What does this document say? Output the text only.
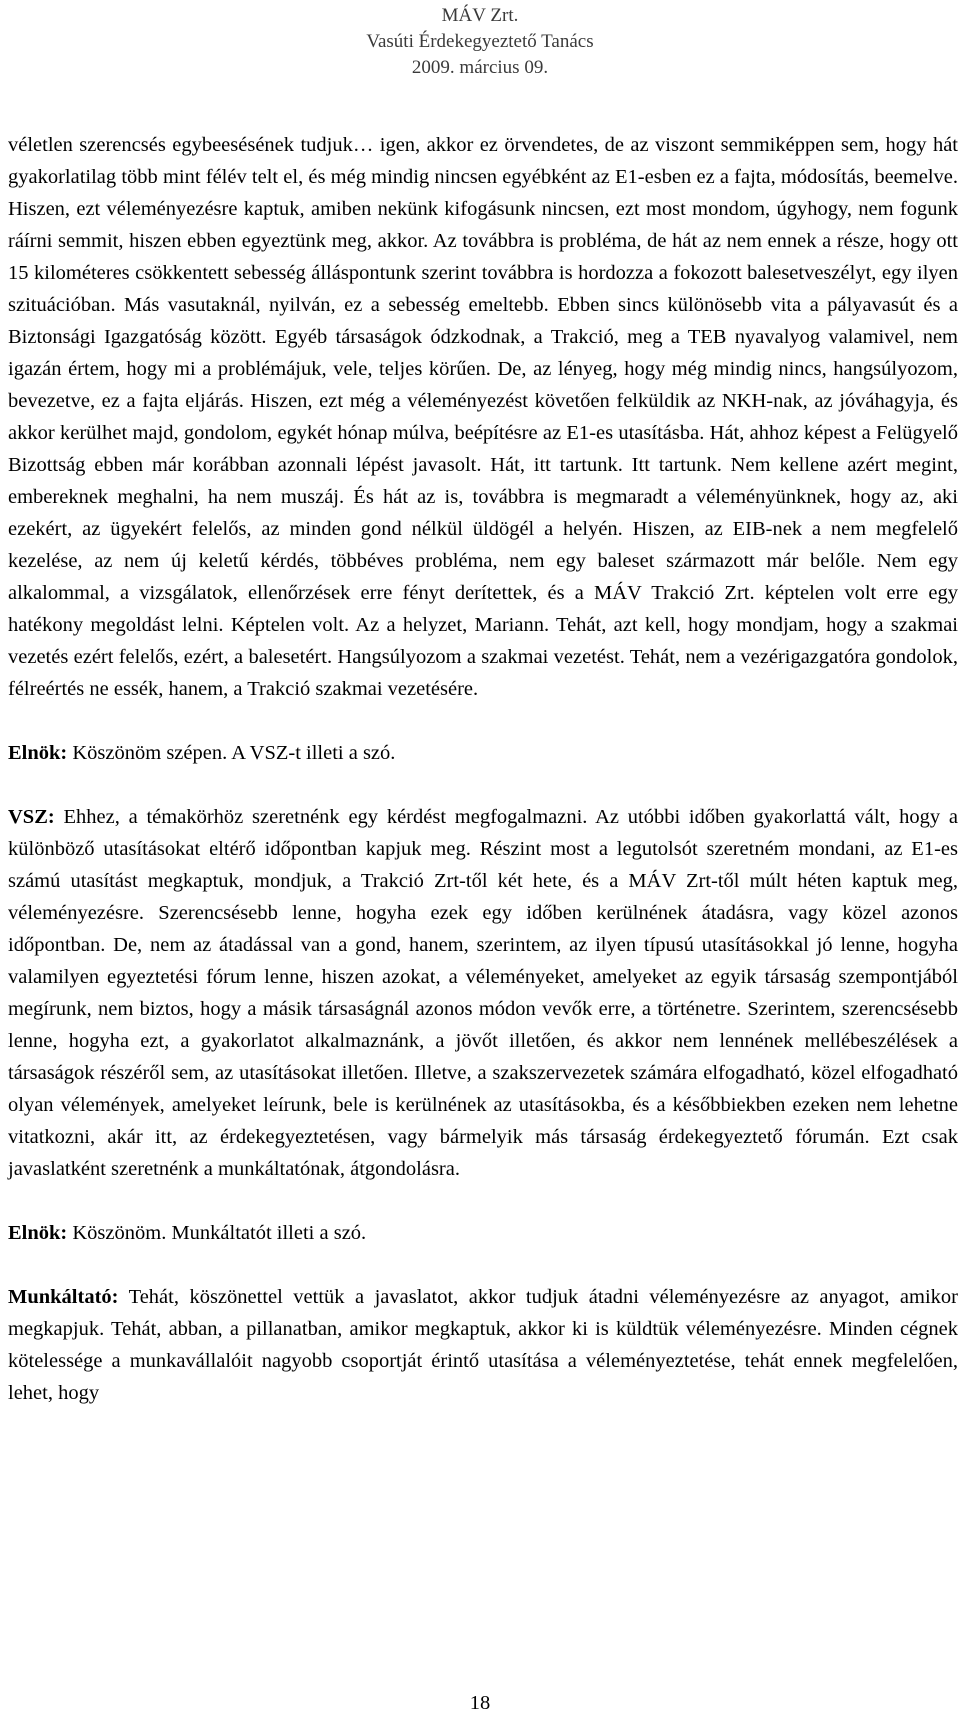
MÁV Zrt.
Vasúti Érdekegyeztető Tanács
2009. március 09.

véletlen szerencsés egybeesésének tudjuk… igen, akkor ez örvendetes, de az viszont semmiképpen sem, hogy hát gyakorlatilag több mint félév telt el, és még mindig nincsen egyébként az E1-esben ez a fajta, módosítás, beemelve. Hiszen, ezt véleményezésre kaptuk, amiben nekünk kifogásunk nincsen, ezt most mondom, úgyhogy, nem fogunk ráírni semmit, hiszen ebben egyeztünk meg, akkor. Az továbbra is probléma, de hát az nem ennek a része, hogy ott 15 kilométeres csökkentett sebesség álláspontunk szerint továbbra is hordozza a fokozott balesetveszélyt, egy ilyen szituációban. Más vasutaknál, nyilván, ez a sebesség emeltebb. Ebben sincs különösebb vita a pályavasút és a Biztonsági Igazgatóság között. Egyéb társaságok ódzkodnak, a Trakció, meg a TEB nyavalyog valamivel, nem igazán értem, hogy mi a problémájuk, vele, teljes körűen. De, az lényeg, hogy még mindig nincs, hangsúlyozom, bevezetve, ez a fajta eljárás. Hiszen, ezt még a véleményezést követően felküldik az NKH-nak, az jóváhagyja, és akkor kerülhet majd, gondolom, egykét hónap múlva, beépítésre az E1-es utasításba. Hát, ahhoz képest a Felügyelő Bizottság ebben már korábban azonnali lépést javasolt. Hát, itt tartunk. Itt tartunk. Nem kellene azért megint, embereknek meghalni, ha nem muszáj. És hát az is, továbbra is megmaradt a véleményünknek, hogy az, aki ezekért, az ügyekért felelős, az minden gond nélkül üldögél a helyén. Hiszen, az EIB-nek a nem megfelelő kezelése, az nem új keletű kérdés, többéves probléma, nem egy baleset származott már belőle. Nem egy alkalommal, a vizsgálatok, ellenőrzések erre fényt derítettek, és a MÁV Trakció Zrt. képtelen volt erre egy hatékony megoldást lelni. Képtelen volt. Az a helyzet, Mariann. Tehát, azt kell, hogy mondjam, hogy a szakmai vezetés ezért felelős, ezért, a balesetért. Hangsúlyozom a szakmai vezetést. Tehát, nem a vezérigazgatóra gondolok, félreértés ne essék, hanem, a Trakció szakmai vezetésére.

Elnök: Köszönöm szépen. A VSZ-t illeti a szó.

VSZ: Ehhez, a témakörhöz szeretnénk egy kérdést megfogalmazni. Az utóbbi időben gyakorlattá vált, hogy a különböző utasításokat eltérő időpontban kapjuk meg. Részint most a legutolsót szeretném mondani, az E1-es számú utasítást megkaptuk, mondjuk, a Trakció Zrt-től két hete, és a MÁV Zrt-től múlt héten kaptuk meg, véleményezésre. Szerencsésebb lenne, hogyha ezek egy időben kerülnének átadásra, vagy közel azonos időpontban. De, nem az átadással van a gond, hanem, szerintem, az ilyen típusú utasításokkal jó lenne, hogyha valamilyen egyeztetési fórum lenne, hiszen azokat, a véleményeket, amelyeket az egyik társaság szempontjából megírunk, nem biztos, hogy a másik társaságnál azonos módon vevők erre, a történetre. Szerintem, szerencsésebb lenne, hogyha ezt, a gyakorlatot alkalmaznánk, a jövőt illetően, és akkor nem lennének mellébeszélések a társaságok részéről sem, az utasításokat illetően. Illetve, a szakszervezetek számára elfogadható, közel elfogadható olyan vélemények, amelyeket leírunk, bele is kerülnének az utasításokba, és a későbbiekben ezeken nem lehetne vitatkozni, akár itt, az érdekegyeztetésen, vagy bármelyik más társaság érdekegyeztető fórumán. Ezt csak javaslatként szeretnénk a munkáltatónak, átgondolásra.

Elnök: Köszönöm. Munkáltatót illeti a szó.

Munkáltató: Tehát, köszönettel vettük a javaslatot, akkor tudjuk átadni véleményezésre az anyagot, amikor megkapjuk. Tehát, abban, a pillanatban, amikor megkaptuk, akkor ki is küldtük véleményezésre. Minden cégnek kötelessége a munkavállalóit nagyobb csoportját érintő utasítása a véleményeztetése, tehát ennek megfelelően, lehet, hogy

18
